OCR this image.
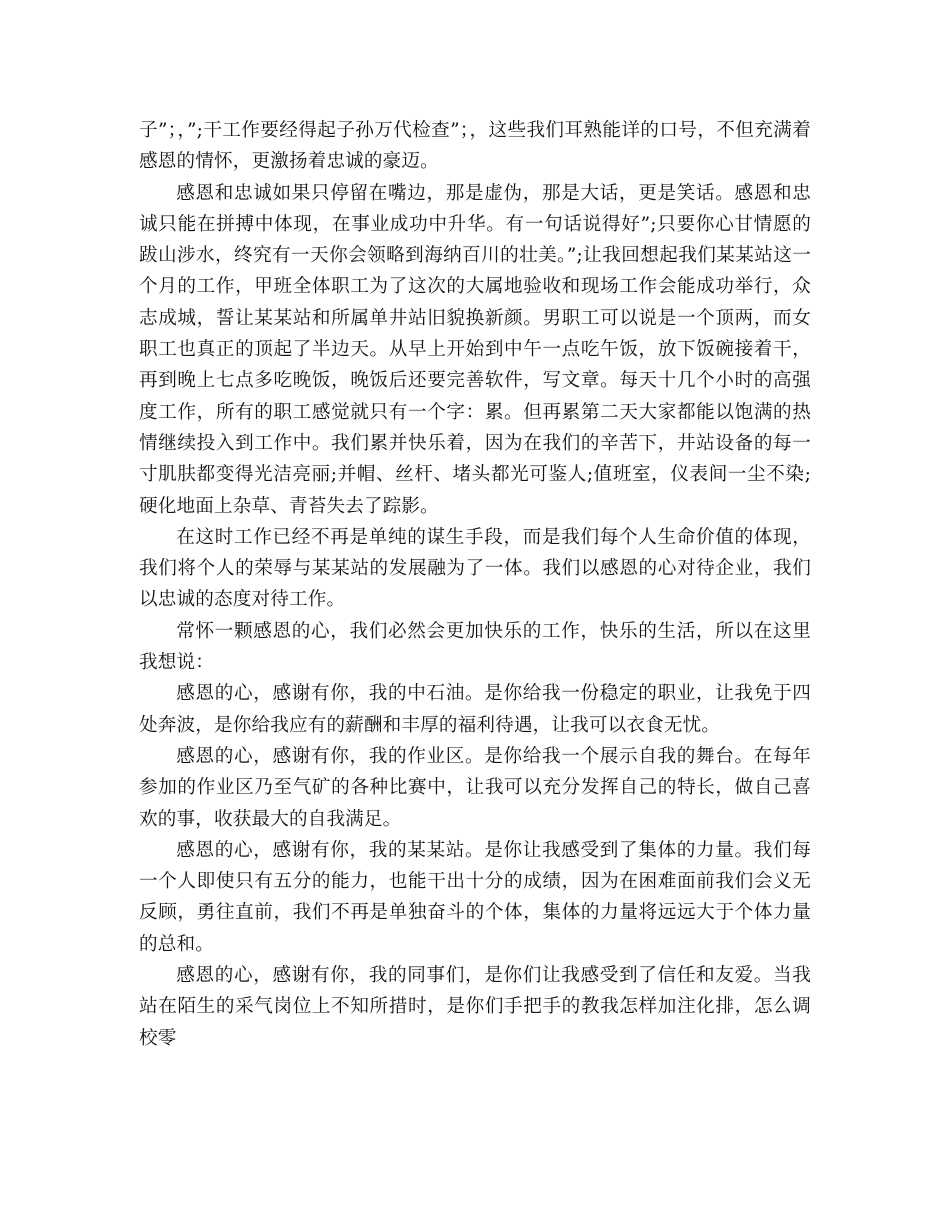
子”；，”;干工作要经得起子孙万代检查”；，这些我们耳熟能详的口号，不但充满着感恩的情怀，更激扬着忠诚的豪迈。

感恩和忠诚如果只停留在嘴边，那是虚伪，那是大话，更是笑话。感恩和忠诚只能在拼搏中体现，在事业成功中升华。有一句话说得好”;只要你心甘情愿的跋山涉水，终究有一天你会领略到海纳百川的壮美。”;让我回想起我们某某站这一个月的工作，甲班全体职工为了这次的大属地验收和现场工作会能成功举行，众志成城，誓让某某站和所属单井站旧貌换新颜。男职工可以说是一个顶两，而女职工也真正的顶起了半边天。从早上开始到中午一点吃午饭，放下饭碗接着干，再到晚上七点多吃晚饭，晚饭后还要完善软件，写文章。每天十几个小时的高强度工作，所有的职工感觉就只有一个字：累。但再累第二天大家都能以饱满的热情继续投入到工作中。我们累并快乐着，因为在我们的辛苦下，井站设备的每一寸肌肤都变得光洁亮丽;并帽、丝杆、堵头都光可鉴人;值班室，仪表间一尘不染;硬化地面上杂草、青苔失去了踪影。

在这时工作已经不再是单纯的谋生手段，而是我们每个人生命价值的体现，我们将个人的荣辱与某某站的发展融为了一体。我们以感恩的心对待企业，我们以忠诚的态度对待工作。

常怀一颗感恩的心，我们必然会更加快乐的工作，快乐的生活，所以在这里我想说：

感恩的心，感谢有你，我的中石油。是你给我一份稳定的职业，让我免于四处奔波，是你给我应有的薪酬和丰厚的福利待遇，让我可以衣食无忧。

感恩的心，感谢有你，我的作业区。是你给我一个展示自我的舞台。在每年参加的作业区乃至气矿的各种比赛中，让我可以充分发挥自己的特长，做自己喜欢的事，收获最大的自我满足。

感恩的心，感谢有你，我的某某站。是你让我感受到了集体的力量。我们每一个人即使只有五分的能力，也能干出十分的成绩，因为在困难面前我们会义无反顾，勇往直前，我们不再是单独奋斗的个体，集体的力量将远远大于个体力量的总和。

感恩的心，感谢有你，我的同事们，是你们让我感受到了信任和友爱。当我站在陌生的采气岗位上不知所措时，是你们手把手的教我怎样加注化排，怎么调校零
